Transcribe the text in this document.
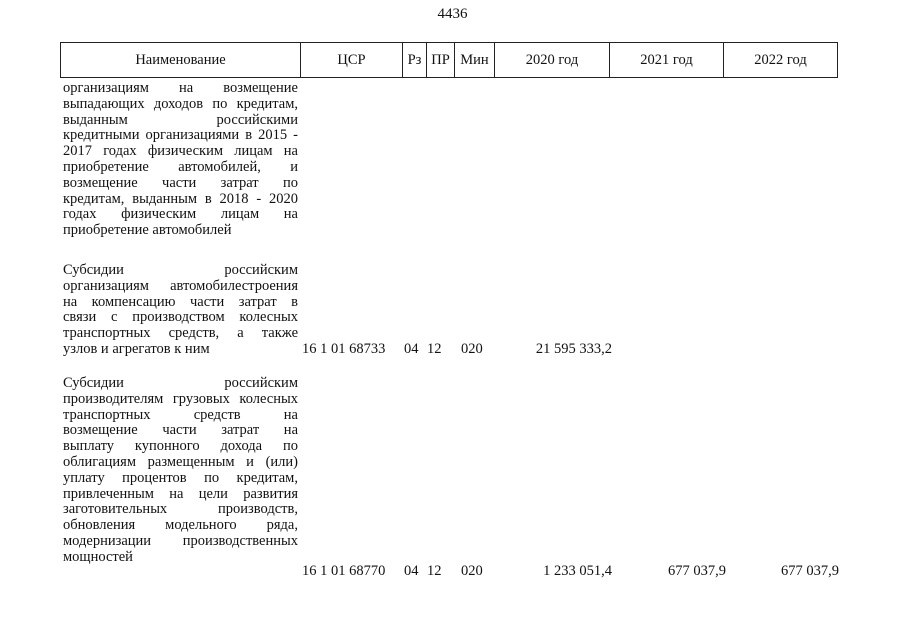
4436
Наименование	ЦСР	Рз ПР Мин	2020 год	2021 год	2022 год
организациям на возмещение
выпадающих доходов по кредитам,
выданным российскими
кредитными организациями в 2015 -
2017 годах физическим лицам на
приобретение автомобилей, и
возмещение части затрат по
кредитам, выданным в 2018 - 2020
годах физическим лицам на
приобретение автомобилей
Субсидии российским
организациям автомобилестроения
на компенсацию части затрат в
связи с производством колесных
транспортных средств, а также
узлов и агрегатов к ним	16 1 01 68733 04 12 020	21 595 333,2
Субсидии российским
производителям грузовых колесных
транспортных средств на
возмещение части затрат на
выплату купонного дохода по
облигациям размещенным и (или)
уплату процентов по кредитам,
привлеченным на цели развития
заготовительных производств,
обновления модельного ряда,
модернизации производственных
мощностей
16 1 01 68770 04 12 020	1 233 051,4	677 037,9	677 037,9
